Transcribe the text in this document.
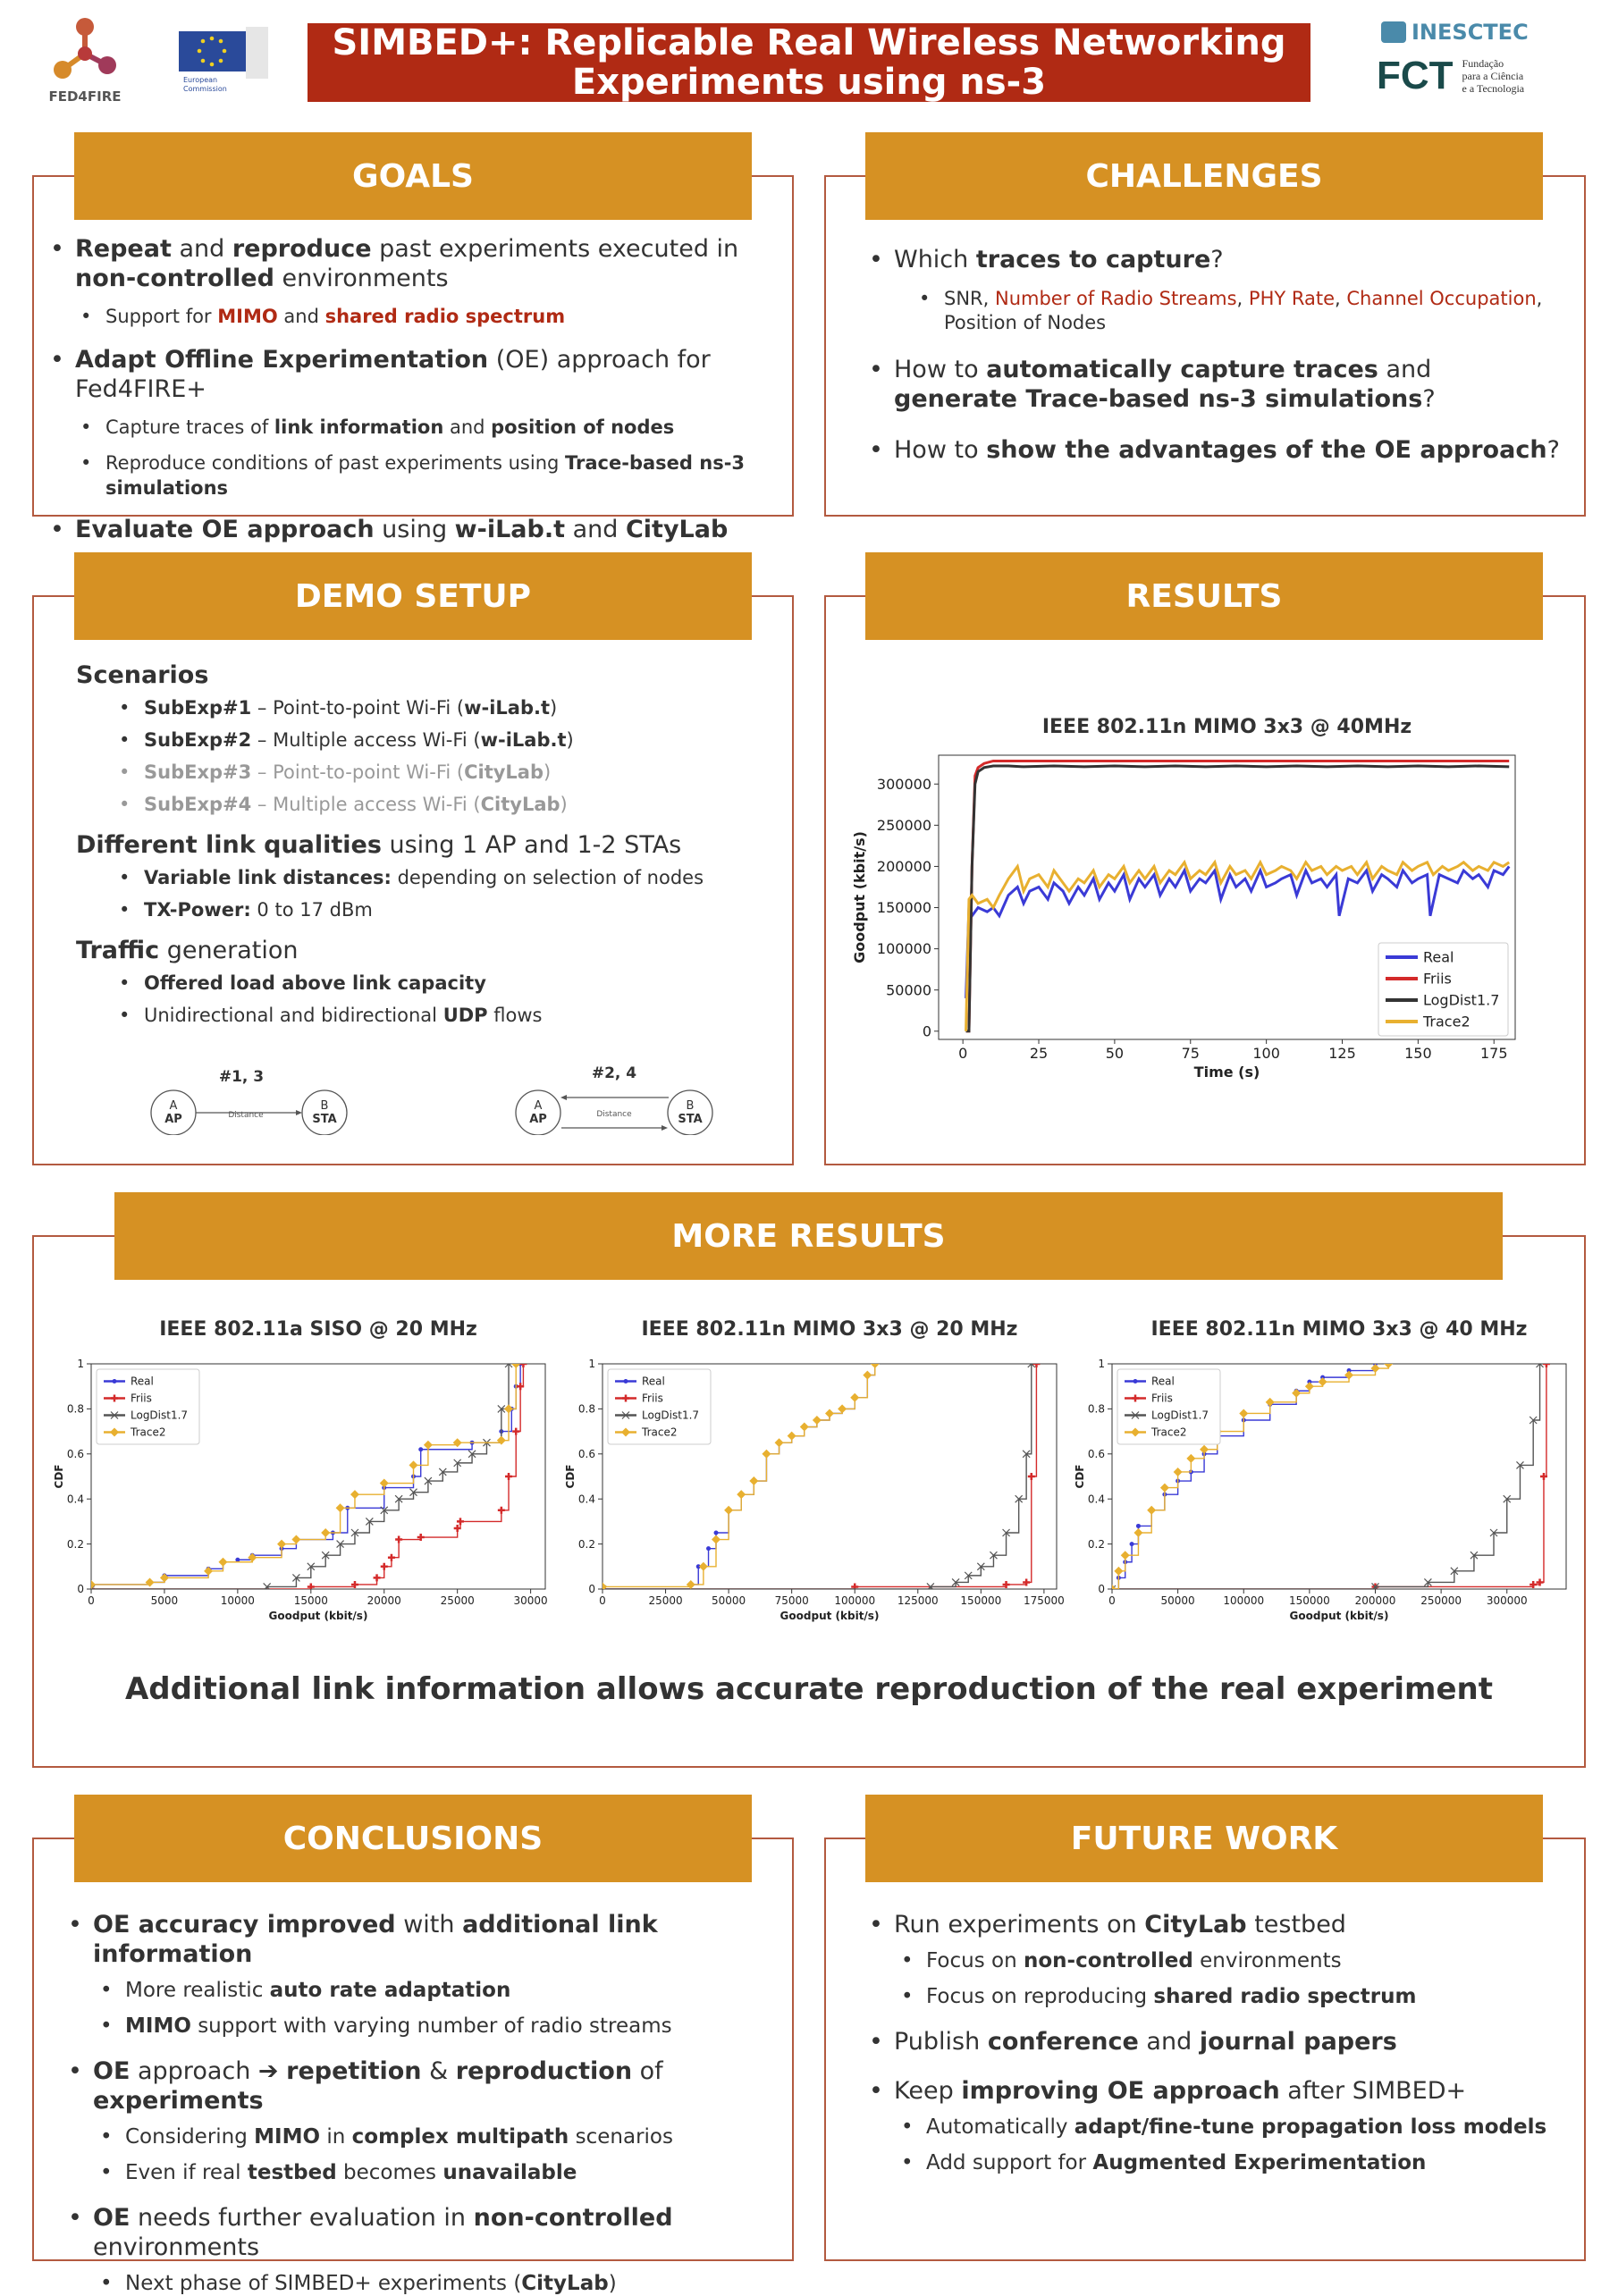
FED4FIRE
European
Commission
European Commission
SIMBED+: Replicable Real Wireless Networking
Experiments using ns-3
INESCTEC
FCT Fundação para a Ciência e a Tecnologia
GOALS
• Repeat and reproduce past experiments executed in non-controlled environments
• Support for MIMO and shared radio spectrum
• Adapt Offline Experimentation (OE) approach for Fed4FIRE+
• Capture traces of link information and position of nodes
• Reproduce conditions of past experiments using Trace-based ns-3 simulations
• Evaluate OE approach using w-iLab.t and CityLab
CHALLENGES
• Which traces to capture?
• SNR, Number of Radio Streams, PHY Rate, Channel Occupation, Position of Nodes
• How to automatically capture traces and generate Trace-based ns-3 simulations?
• How to show the advantages of the OE approach?
DEMO SETUP
Scenarios
• SubExp#1 – Point-to-point Wi-Fi (w-iLab.t)
• SubExp#2 – Multiple access Wi-Fi (w-iLab.t)
• SubExp#3 – Point-to-point Wi-Fi (CityLab)
• SubExp#4 – Multiple access Wi-Fi (CityLab)
Different link qualities using 1 AP and 1-2 STAs
• Variable link distances: depending on selection of nodes
• TX-Power: 0 to 17 dBm
Traffic generation
• Offered load above link capacity
• Unidirectional and bidirectional UDP flows
#1, 3
A
AP
B
STA
Distance
#2, 4
A
AP
B
STA
Distance
RESULTS
IEEE 802.11n MIMO 3x3 @ 40MHz
0	25	50	75	100	125	150	175
0
50000
100000
150000
200000
250000
300000
Time (s)
Goodput (kbit/s)	Real
Friis
LogDist1.7
Trace2
MORE RESULTS
IEEE 802.11a SISO @ 20 MHz
0	5000	10000	15000	20000	25000	30000
0
0.2
0.4
0.6
0.8
1
Goodput (kbit/s)
CDF
Real
Friis
LogDist1.7
Trace2
IEEE 802.11n MIMO 3x3 @ 20 MHz
0	25000	50000	75000 100000 125000 150000 175000
0
0.2
0.4
0.6
0.8
1
Goodput (kbit/s)
CDF
Real
Friis
LogDist1.7
Trace2
IEEE 802.11n MIMO 3x3 @ 40 MHz
0	50000	100000 150000 200000 250000 300000
0
0.2
0.4
0.6
0.8
1
Goodput (kbit/s)
CDF
Real
Friis
LogDist1.7
Trace2
Additional link information allows accurate reproduction of the real experiment
CONCLUSIONS
• OE accuracy improved with additional link information
• More realistic auto rate adaptation
• MIMO support with varying number of radio streams
• OE approach ➔ repetition & reproduction of experiments
• Considering MIMO in complex multipath scenarios
• Even if real testbed becomes unavailable
• OE needs further evaluation in non-controlled environments
• Next phase of SIMBED+ experiments (CityLab)
FUTURE WORK
• Run experiments on CityLab testbed
• Focus on non-controlled environments
• Focus on reproducing shared radio spectrum
• Publish conference and journal papers
• Keep improving OE approach after SIMBED+
• Automatically adapt/fine-tune propagation loss models
• Add support for Augmented Experimentation
